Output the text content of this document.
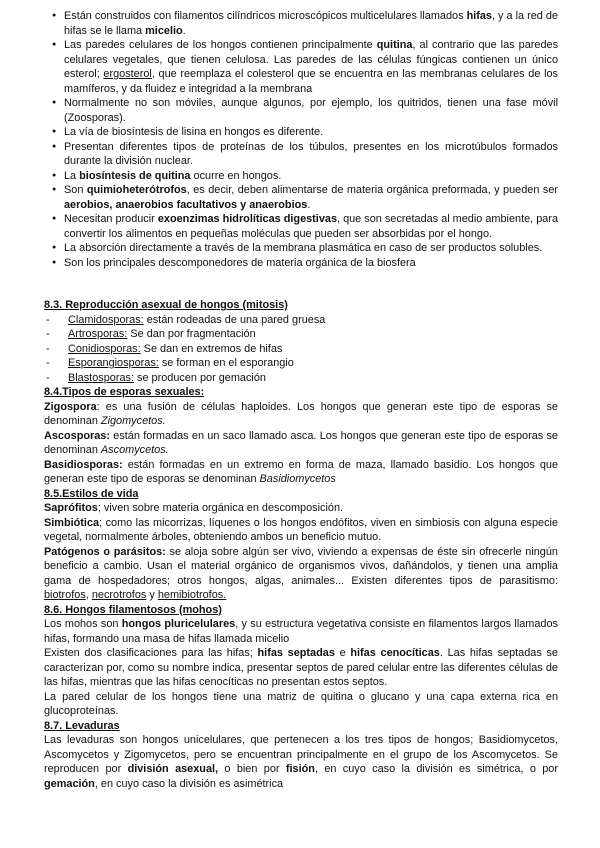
● Están construidos con filamentos cilíndricos microscópicos multicelulares llamados hifas, y a la red de hifas se le llama micelio.
● Las paredes celulares de los hongos contienen principalmente quitina, al contrario que las paredes celulares vegetales, que tienen celulosa. Las paredes de las células fúngicas contienen un único esterol; ergosterol, que reemplaza el colesterol que se encuentra en las membranas celulares de los mamíferos, y da fluidez e integridad a la membrana
● Normalmente no son móviles, aunque algunos, por ejemplo, los quitridos, tienen una fase móvil (Zoosporas).
● La vía de biosíntesis de lisina en hongos es diferente.
● Presentan diferentes tipos de proteínas de los túbulos, presentes en los microtúbulos formados durante la división nuclear.
● La biosíntesis de quitina ocurre en hongos.
● Son quimioheterótrofos, es decir, deben alimentarse de materia orgánica preformada, y pueden ser aerobios, anaerobios facultativos y anaerobios.
● Necesitan producir exoenzimas hidrolíticas digestivas, que son secretadas al medio ambiente, para convertir los alimentos en pequeñas moléculas que pueden ser absorbidas por el hongo.
● La absorción directamente a través de la membrana plasmática en caso de ser productos solubles.
● Son los principales descomponedores de materia orgánica de la biosfera

8.3. Reproducción asexual de hongos (mitosis)

- Clamidosporas: están rodeadas de una pared gruesa
- Artrosporas: Se dan por fragmentación
- Conidiosporas: Se dan en extremos de hifas
- Esporangiosporas: se forman en el esporangio
- Blastosporas: se producen por gemación

8.4.Tipos de esporas sexuales:

Zigospora: es una fusión de células haploides. Los hongos que generan este tipo de esporas se denominan Zigomycetos.

Ascosporas: están formadas en un saco llamado asca. Los hongos que generan este tipo de esporas se denominan Ascomycetos.

Basidiosporas: están formadas en un extremo en forma de maza, llamado basidio. Los hongos que generan este tipo de esporas se denominan Basidiomycetos

8.5.Estilos de vida

Saprófitos; viven sobre materia orgánica en descomposición.

Simbiótica; como las micorrizas, líquenes o los hongos endófitos, viven en simbiosis con alguna especie vegetal, normalmente árboles, obteniendo ambos un beneficio mutuo.

Patógenos o parásitos: se aloja sobre algún ser vivo, viviendo a expensas de éste sin ofrecerle ningún beneficio a cambio. Usan el material orgánico de organismos vivos, dañándolos, y tienen una amplia gama de hospedadores; otros hongos, algas, animales... Existen diferentes tipos de parasitismo: biotrofos, necrotrofos y hemibiotrofos.

8.6. Hongos filamentosos (mohos)

Los mohos son hongos pluricelulares, y su estructura vegetativa consiste en filamentos largos llamados hifas, formando una masa de hifas llamada micelio

Existen dos clasificaciones para las hifas; hifas septadas e hifas cenocíticas. Las hifas septadas se caracterizan por, como su nombre indica, presentar septos de pared celular entre las diferentes células de las hifas, mientras que las hifas cenocíticas no presentan estos septos.

La pared celular de los hongos tiene una matriz de quitina o glucano y una capa externa rica en glucoproteínas.

8.7. Levaduras

Las levaduras son hongos unicelulares, que pertenecen a los tres tipos de hongos; Basidiomycetos, Ascomycetos y Zigomycetos, pero se encuentran principalmente en el grupo de los Ascomycetos. Se reproducen por división asexual, o bien por fisión, en cuyo caso la división es simétrica, o por gemación, en cuyo caso la división es asimétrica
